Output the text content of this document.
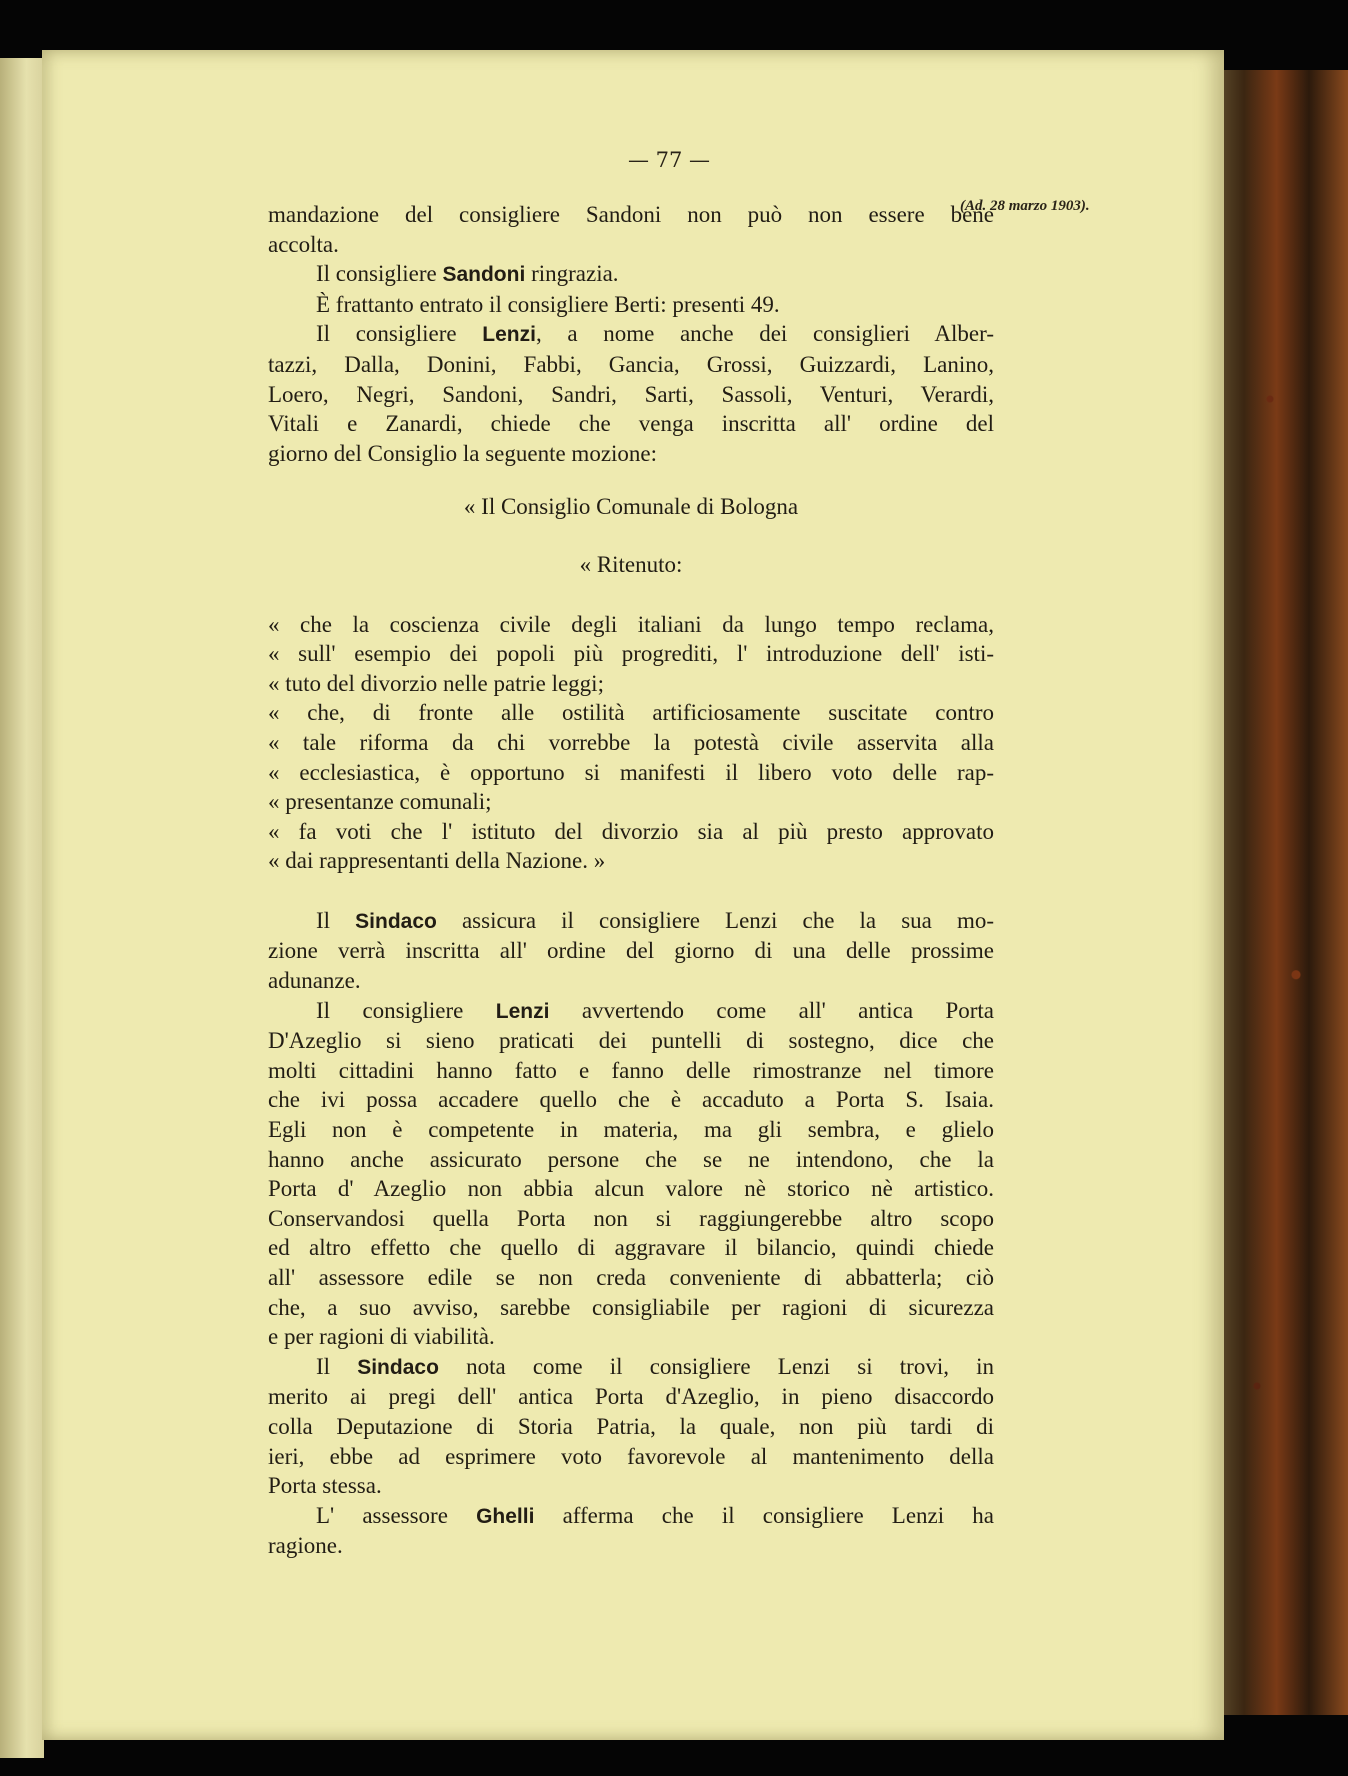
— 77 —
(Ad. 28 marzo 1903).
mandazione del consigliere Sandoni non può non essere bene
accolta.
Il consigliere Sandoni ringrazia.
È frattanto entrato il consigliere Berti: presenti 49.
Il consigliere Lenzi, a nome anche dei consiglieri Alber-
tazzi, Dalla, Donini, Fabbi, Gancia, Grossi, Guizzardi, Lanino,
Loero, Negri, Sandoni, Sandri, Sarti, Sassoli, Venturi, Verardi,
Vitali e Zanardi, chiede che venga inscritta all' ordine del
giorno del Consiglio la seguente mozione:
« Il Consiglio Comunale di Bologna
« Ritenuto:
« che la coscienza civile degli italiani da lungo tempo reclama,
« sull' esempio dei popoli più progrediti, l' introduzione dell' isti-
« tuto del divorzio nelle patrie leggi;
« che, di fronte alle ostilità artificiosamente suscitate contro
« tale riforma da chi vorrebbe la potestà civile asservita alla
« ecclesiastica, è opportuno si manifesti il libero voto delle rap-
« presentanze comunali;
« fa voti che l' istituto del divorzio sia al più presto approvato
« dai rappresentanti della Nazione. »
Il Sindaco assicura il consigliere Lenzi che la sua mo-
zione verrà inscritta all' ordine del giorno di una delle prossime
adunanze.
Il consigliere Lenzi avvertendo come all' antica Porta
D'Azeglio si sieno praticati dei puntelli di sostegno, dice che
molti cittadini hanno fatto e fanno delle rimostranze nel timore
che ivi possa accadere quello che è accaduto a Porta S. Isaia.
Egli non è competente in materia, ma gli sembra, e glielo
hanno anche assicurato persone che se ne intendono, che la
Porta d' Azeglio non abbia alcun valore nè storico nè artistico.
Conservandosi quella Porta non si raggiungerebbe altro scopo
ed altro effetto che quello di aggravare il bilancio, quindi chiede
all' assessore edile se non creda conveniente di abbatterla; ciò
che, a suo avviso, sarebbe consigliabile per ragioni di sicurezza
e per ragioni di viabilità.
Il Sindaco nota come il consigliere Lenzi si trovi, in
merito ai pregi dell' antica Porta d'Azeglio, in pieno disaccordo
colla Deputazione di Storia Patria, la quale, non più tardi di
ieri, ebbe ad esprimere voto favorevole al mantenimento della
Porta stessa.
L' assessore Ghelli afferma che il consigliere Lenzi ha
ragione.
